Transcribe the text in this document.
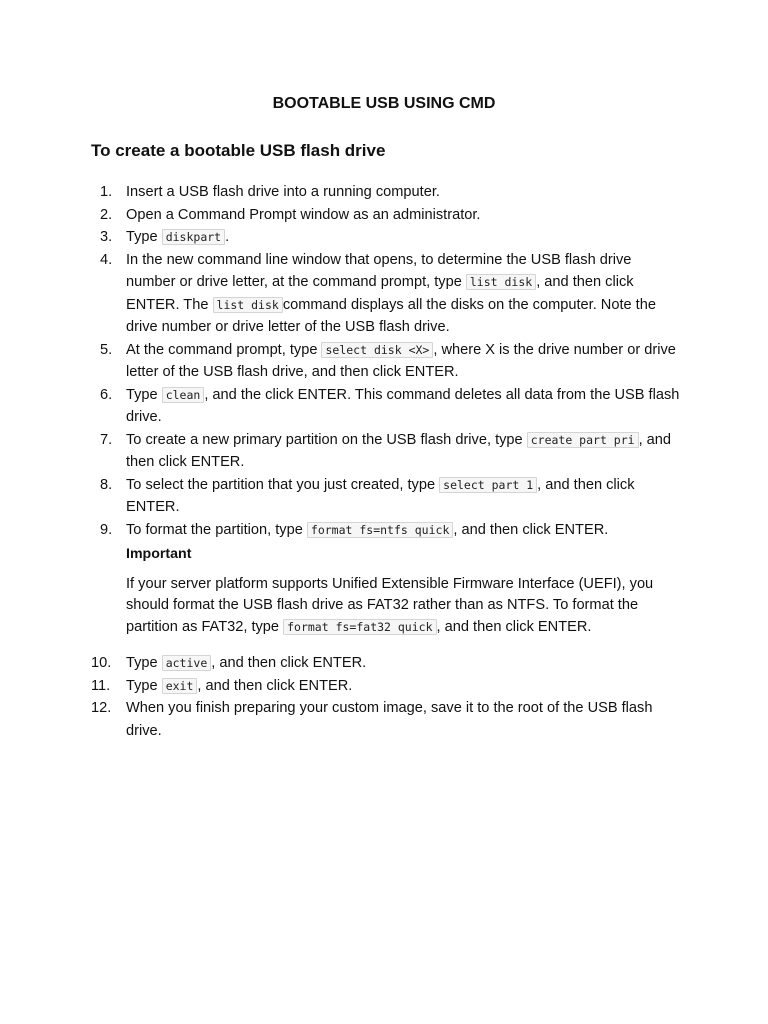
BOOTABLE USB USING CMD
To create a bootable USB flash drive
1. Insert a USB flash drive into a running computer.
2. Open a Command Prompt window as an administrator.
3. Type diskpart .
4. In the new command line window that opens, to determine the USB flash drive number or drive letter, at the command prompt, type list disk , and then click ENTER. The list disk command displays all the disks on the computer. Note the drive number or drive letter of the USB flash drive.
5. At the command prompt, type select disk <X> , where X is the drive number or drive letter of the USB flash drive, and then click ENTER.
6. Type clean , and the click ENTER. This command deletes all data from the USB flash drive.
7. To create a new primary partition on the USB flash drive, type create part pri , and then click ENTER.
8. To select the partition that you just created, type select part 1 , and then click ENTER.
9. To format the partition, type format fs=ntfs quick , and then click ENTER.

Important

If your server platform supports Unified Extensible Firmware Interface (UEFI), you should format the USB flash drive as FAT32 rather than as NTFS. To format the partition as FAT32, type format fs=fat32 quick , and then click ENTER.

10. Type active , and then click ENTER.
11. Type exit , and then click ENTER.
12. When you finish preparing your custom image, save it to the root of the USB flash drive.
